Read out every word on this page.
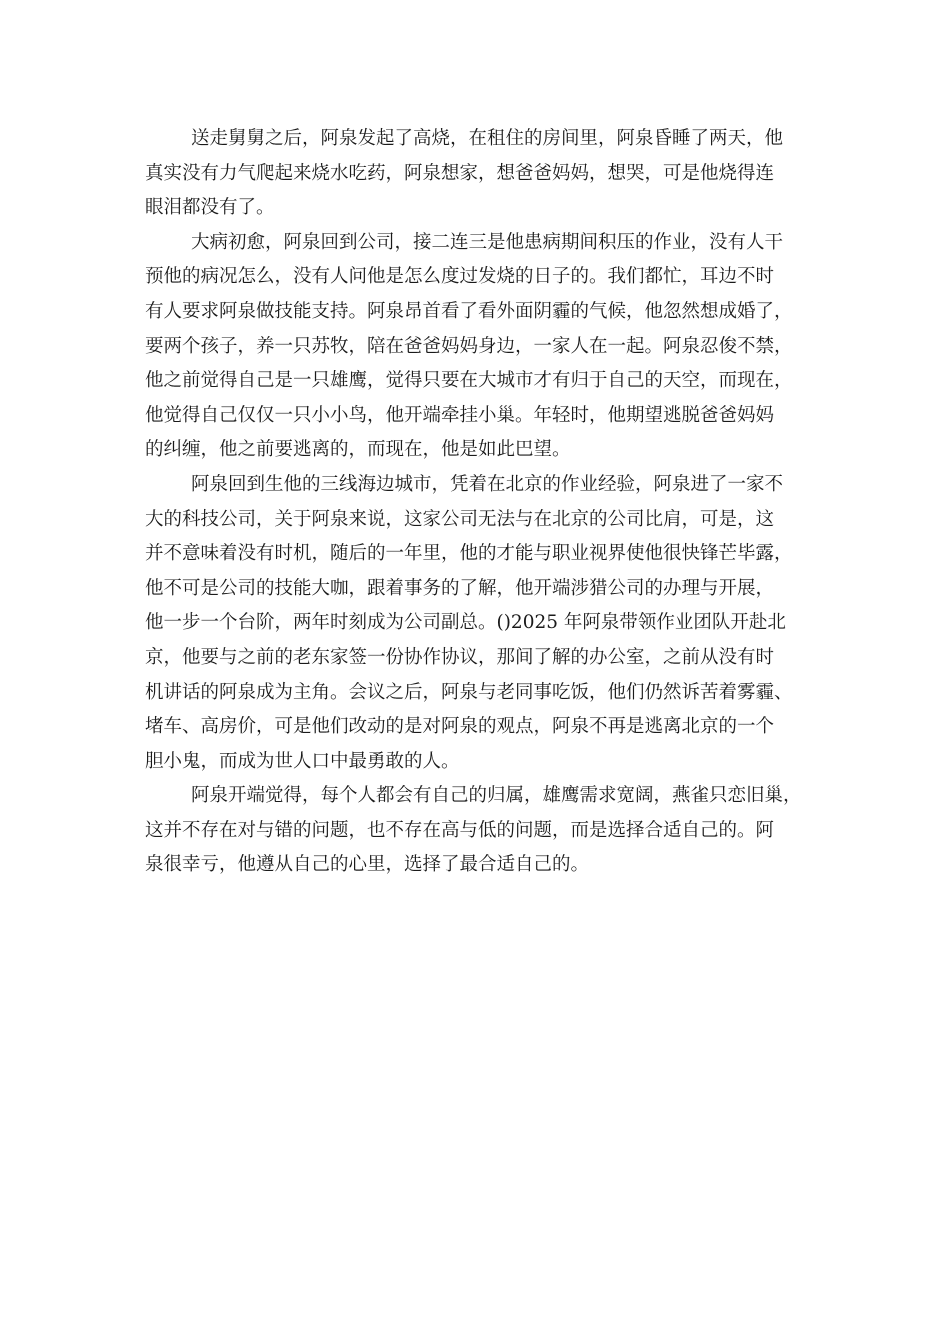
送走舅舅之后，阿泉发起了高烧，在租住的房间里，阿泉昏睡了两天，他
真实没有力气爬起来烧水吃药，阿泉想家，想爸爸妈妈，想哭，可是他烧得连
眼泪都没有了。
大病初愈，阿泉回到公司，接二连三是他患病期间积压的作业，没有人干
预他的病况怎么，没有人问他是怎么度过发烧的日子的。我们都忙，耳边不时
有人要求阿泉做技能支持。阿泉昂首看了看外面阴霾的气候，他忽然想成婚了，
要两个孩子，养一只苏牧，陪在爸爸妈妈身边，一家人在一起。阿泉忍俊不禁，
他之前觉得自己是一只雄鹰，觉得只要在大城市才有归于自己的天空，而现在，
他觉得自己仅仅一只小小鸟，他开端牵挂小巢。年轻时，他期望逃脱爸爸妈妈
的纠缠，他之前要逃离的，而现在，他是如此巴望。
阿泉回到生他的三线海边城市，凭着在北京的作业经验，阿泉进了一家不
大的科技公司，关于阿泉来说，这家公司无法与在北京的公司比肩，可是，这
并不意味着没有时机，随后的一年里，他的才能与职业视界使他很快锋芒毕露，
他不可是公司的技能大咖，跟着事务的了解，他开端涉猎公司的办理与开展，
他一步一个台阶，两年时刻成为公司副总。()2025 年阿泉带领作业团队开赴北
京，他要与之前的老东家签一份协作协议，那间了解的办公室，之前从没有时
机讲话的阿泉成为主角。会议之后，阿泉与老同事吃饭，他们仍然诉苦着雾霾、
堵车、高房价，可是他们改动的是对阿泉的观点，阿泉不再是逃离北京的一个
胆小鬼，而成为世人口中最勇敢的人。
阿泉开端觉得，每个人都会有自己的归属，雄鹰需求宽阔，燕雀只恋旧巢，
这并不存在对与错的问题，也不存在高与低的问题，而是选择合适自己的。阿
泉很幸亏，他遵从自己的心里，选择了最合适自己的。
